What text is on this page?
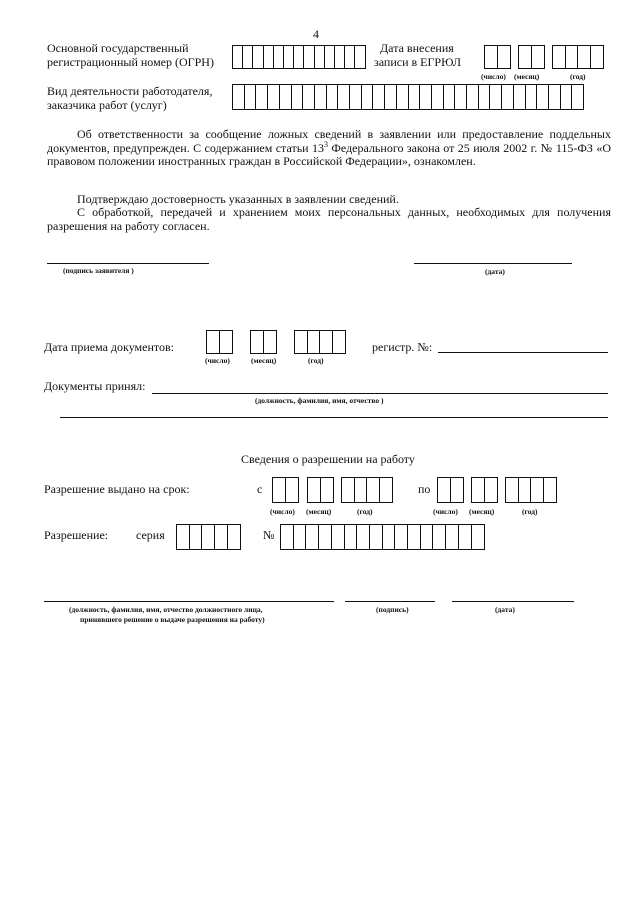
4
Основной государственный
регистрационный номер (ОГРН)
Дата внесения
записи в ЕГРЮЛ
(число) (месяц)	(год)
Вид деятельности работодателя,
заказчика работ (услуг)
Об ответственности за сообщение ложных сведений в заявлении или предоставление поддельных документов, предупрежден. С содержанием статьи $13^3$ Федерального закона от 25 июля 2002 г. № 115-ФЗ «О правовом положении иностранных граждан в Российской Федерации», ознакомлен.
Подтверждаю достоверность указанных в заявлении сведений.
С обработкой, передачей и хранением моих персональных данных, необходимых для получения разрешения на работу согласен.
(подпись заявителя )	(дата)
Дата приема документов:
(число)	(месяц)	(год)
регистр. №:
Документы принял:
(должность, фамилия, имя, отчество )
Сведения о разрешении на работу
Разрешение выдано на срок:	с
(число) (месяц)	(год)
по
(число) (месяц)	(год)
Разрешение: серия	№
(должность, фамилия, имя, отчество должностного лица,
принявшего решение о выдаче разрешения на работу)
(подпись)	(дата)
